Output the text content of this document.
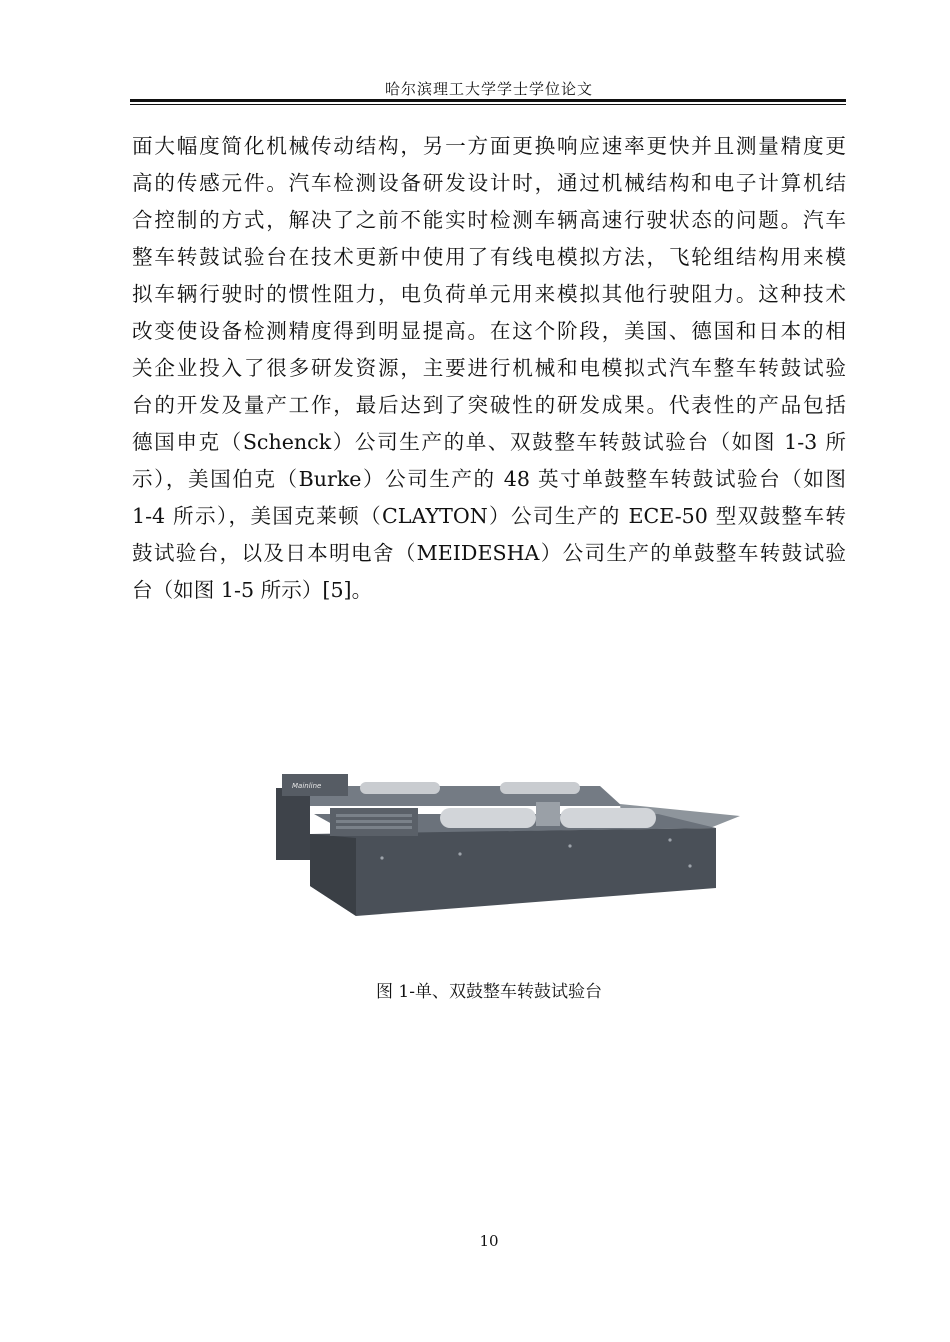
哈尔滨理工大学学士学位论文
面大幅度简化机械传动结构，另一方面更换响应速率更快并且测量精度更
高的传感元件。汽车检测设备研发设计时，通过机械结构和电子计算机结
合控制的方式，解决了之前不能实时检测车辆高速行驶状态的问题。汽车
整车转鼓试验台在技术更新中使用了有线电模拟方法，飞轮组结构用来模
拟车辆行驶时的惯性阻力，电负荷单元用来模拟其他行驶阻力。这种技术
改变使设备检测精度得到明显提高。在这个阶段，美国、德国和日本的相
关企业投入了很多研发资源，主要进行机械和电模拟式汽车整车转鼓试验
台的开发及量产工作，最后达到了突破性的研发成果。代表性的产品包括
德国申克（Schenck）公司生产的单、双鼓整车转鼓试验台（如图 1-3 所
示），美国伯克（Burke）公司生产的 48 英寸单鼓整车转鼓试验台（如图
1-4 所示），美国克莱顿（CLAYTON）公司生产的 ECE-50 型双鼓整车转
鼓试验台，以及日本明电舍（MEIDESHA）公司生产的单鼓整车转鼓试验
台（如图 1-5 所示）[5]。
Mainline
图 1-单、双鼓整车转鼓试验台
10
